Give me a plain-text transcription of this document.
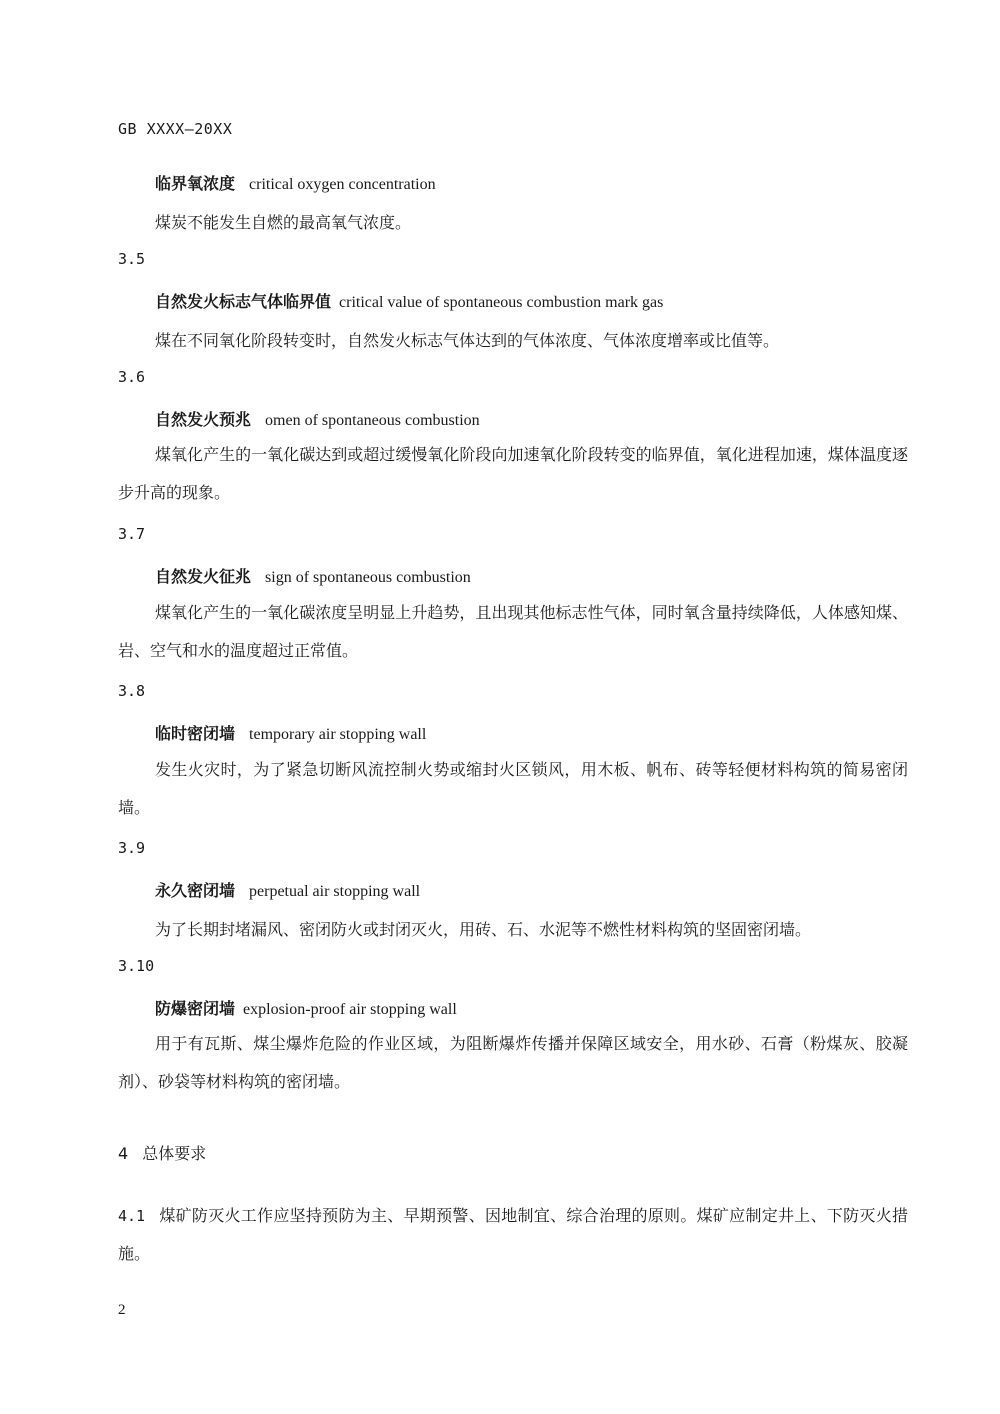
GB XXXX—20XX
临界氧浓度 critical oxygen concentration
煤炭不能发生自燃的最高氧气浓度。
3.5
自然发火标志气体临界值 critical value of spontaneous combustion mark gas
煤在不同氧化阶段转变时，自然发火标志气体达到的气体浓度、气体浓度增率或比值等。
3.6
自然发火预兆 omen of spontaneous combustion
煤氧化产生的一氧化碳达到或超过缓慢氧化阶段向加速氧化阶段转变的临界值，氧化进程加速，煤体温度逐步升高的现象。
3.7
自然发火征兆 sign of spontaneous combustion
煤氧化产生的一氧化碳浓度呈明显上升趋势，且出现其他标志性气体，同时氧含量持续降低，人体感知煤、岩、空气和水的温度超过正常值。
3.8
临时密闭墙 temporary air stopping wall
发生火灾时，为了紧急切断风流控制火势或缩封火区锁风，用木板、帆布、砖等轻便材料构筑的简易密闭墙。
3.9
永久密闭墙 perpetual air stopping wall
为了长期封堵漏风、密闭防火或封闭灭火，用砖、石、水泥等不燃性材料构筑的坚固密闭墙。
3.10
防爆密闭墙 explosion-proof air stopping wall
用于有瓦斯、煤尘爆炸危险的作业区域，为阻断爆炸传播并保障区域安全，用水砂、石膏（粉煤灰、胶凝剂）、砂袋等材料构筑的密闭墙。
4 总体要求
4.1 煤矿防灭火工作应坚持预防为主、早期预警、因地制宜、综合治理的原则。煤矿应制定井上、下防灭火措施。
2
